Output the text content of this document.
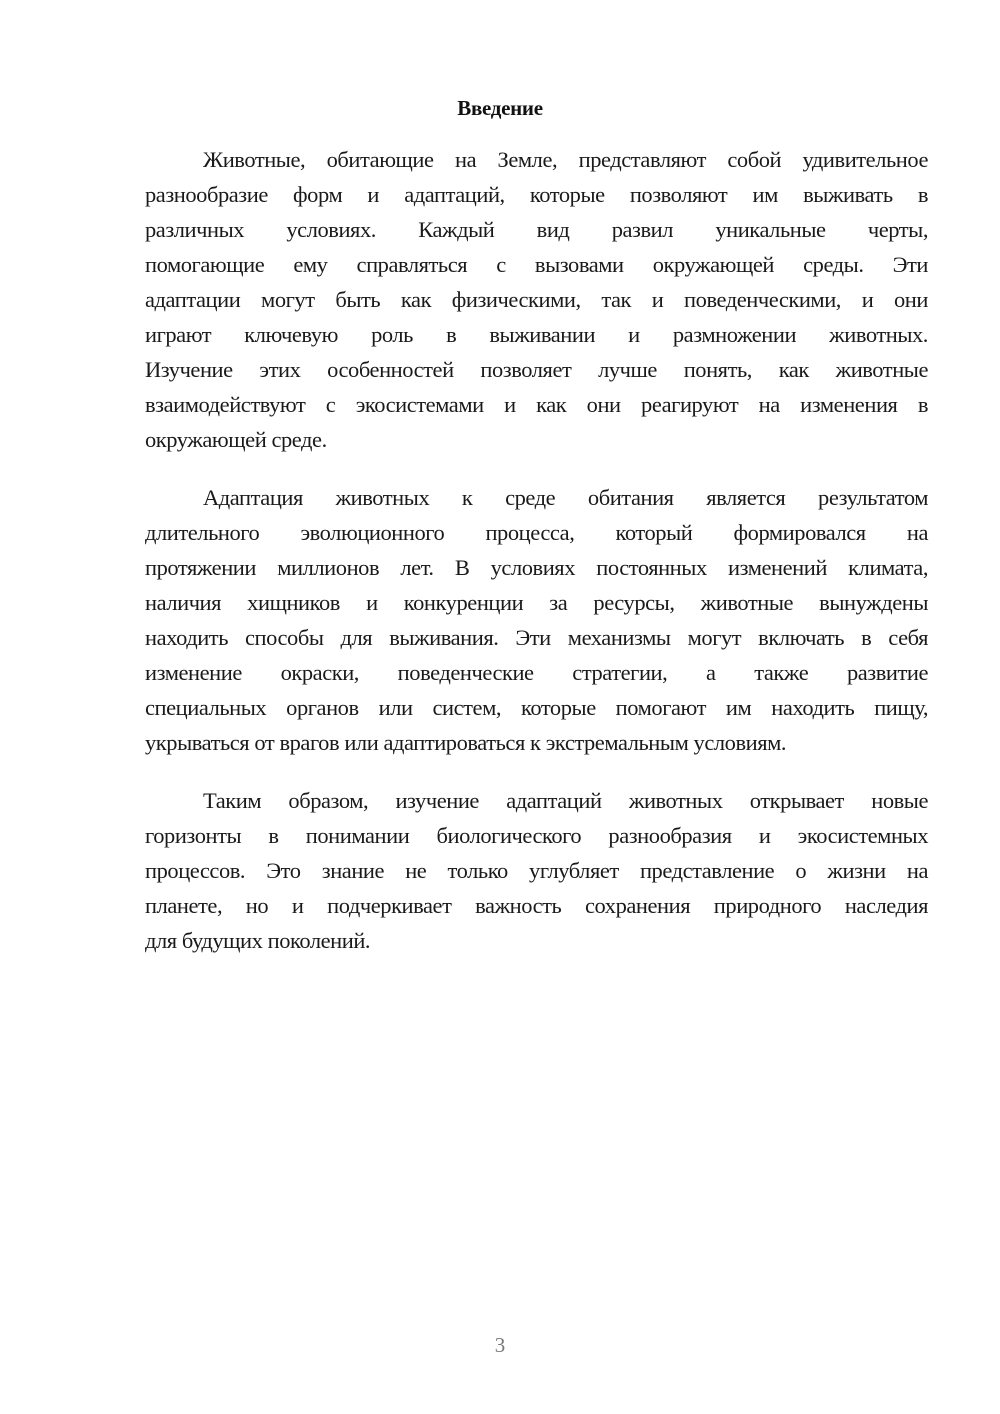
Введение
Животные, обитающие на Земле, представляют собой удивительное
разнообразие форм и адаптаций, которые позволяют им выживать в
различных условиях. Каждый вид развил уникальные черты,
помогающие ему справляться с вызовами окружающей среды. Эти
адаптации могут быть как физическими, так и поведенческими, и они
играют ключевую роль в выживании и размножении животных.
Изучение этих особенностей позволяет лучше понять, как животные
взаимодействуют с экосистемами и как они реагируют на изменения в
окружающей среде.
Адаптация животных к среде обитания является результатом
длительного эволюционного процесса, который формировался на
протяжении миллионов лет. В условиях постоянных изменений климата,
наличия хищников и конкуренции за ресурсы, животные вынуждены
находить способы для выживания. Эти механизмы могут включать в себя
изменение окраски, поведенческие стратегии, а также развитие
специальных органов или систем, которые помогают им находить пищу,
укрываться от врагов или адаптироваться к экстремальным условиям.
Таким образом, изучение адаптаций животных открывает новые
горизонты в понимании биологического разнообразия и экосистемных
процессов. Это знание не только углубляет представление о жизни на
планете, но и подчеркивает важность сохранения природного наследия
для будущих поколений.
3
